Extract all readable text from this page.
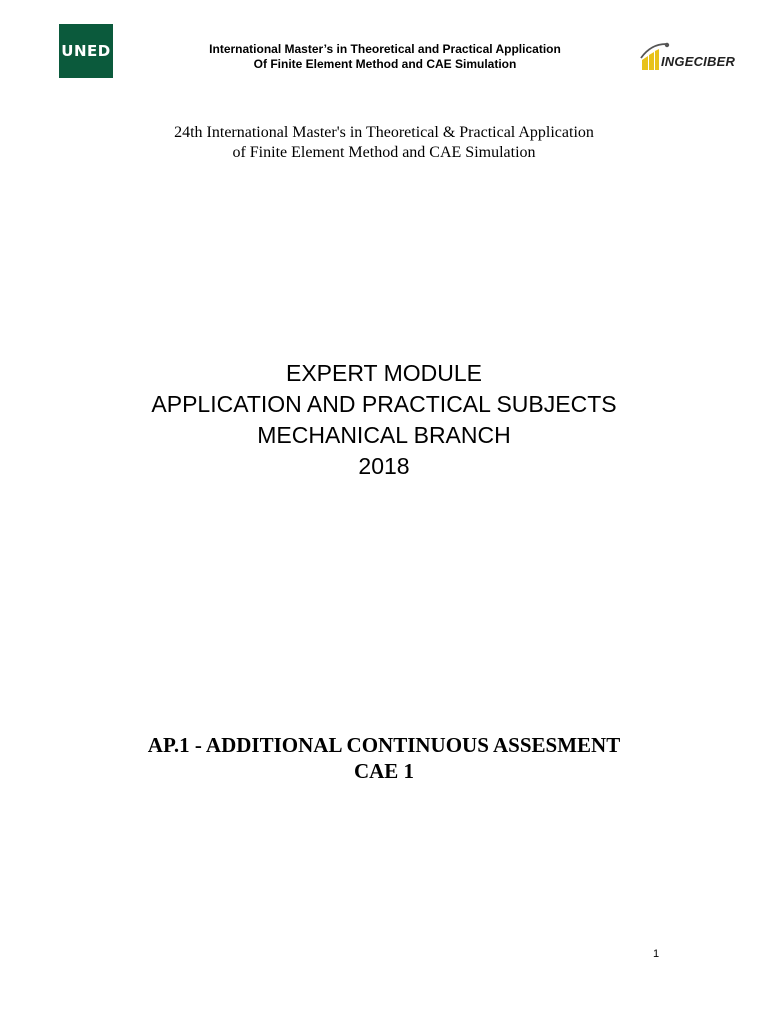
UNED	International Master’s in Theoretical and Practical Application
Of Finite Element Method and CAE Simulation	INGECIBER
24th International Master's in Theoretical & Practical Application
of Finite Element Method and CAE Simulation
EXPERT MODULE
APPLICATION AND PRACTICAL SUBJECTS
MECHANICAL BRANCH
2018
AP.1 - ADDITIONAL CONTINUOUS ASSESMENT
CAE 1
1
